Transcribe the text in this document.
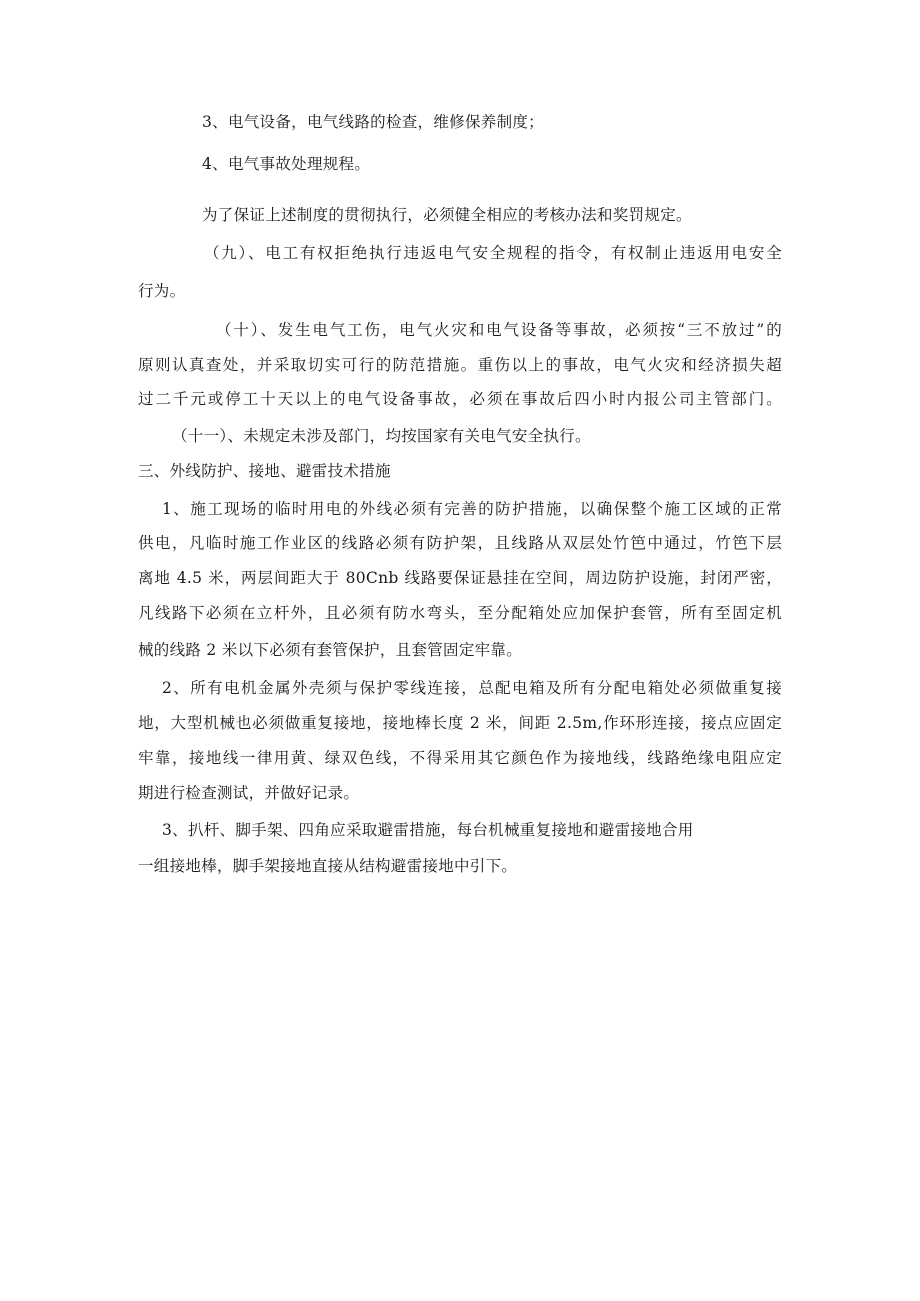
3、电气设备，电气线路的检查，维修保养制度；
4、电气事故处理规程。
为了保证上述制度的贯彻执行，必须健全相应的考核办法和奖罚规定。
（九）、电工有权拒绝执行违返电气安全规程的指令，有权制止违返用电安全
行为。
（十）、发生电气工伤，电气火灾和电气设备等事故，必须按“三不放过”的
原则认真查处，并采取切实可行的防范措施。重伤以上的事故，电气火灾和经济损失超
过二千元或停工十天以上的电气设备事故，必须在事故后四小时内报公司主管部门。
（十一）、未规定未涉及部门，均按国家有关电气安全执行。
三、外线防护、接地、避雷技术措施
1、施工现场的临时用电的外线必须有完善的防护措施，以确保整个施工区域的正常
供电，凡临时施工作业区的线路必须有防护架，且线路从双层处竹笆中通过，竹笆下层
离地 4.5 米，两层间距大于 80Cnb 线路要保证悬挂在空间，周边防护设施，封闭严密，
凡线路下必须在立杆外，且必须有防水弯头，至分配箱处应加保护套管，所有至固定机
械的线路 2 米以下必须有套管保护，且套管固定牢靠。
2、所有电机金属外壳须与保护零线连接，总配电箱及所有分配电箱处必须做重复接
地，大型机械也必须做重复接地，接地棒长度 2 米，间距 2.5m,作环形连接，接点应固定
牢靠，接地线一律用黄、绿双色线，不得采用其它颜色作为接地线，线路绝缘电阻应定
期进行检查测试，并做好记录。
3、扒杆、脚手架、四角应采取避雷措施，每台机械重复接地和避雷接地合用
一组接地棒，脚手架接地直接从结构避雷接地中引下。
